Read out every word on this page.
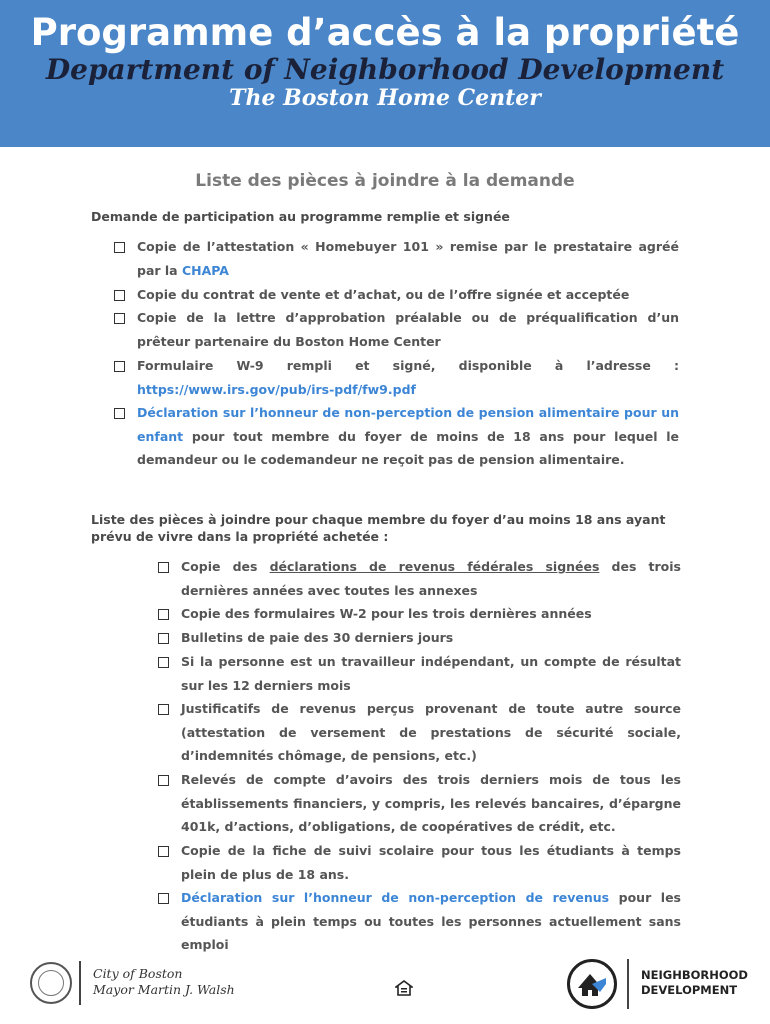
Programme d’accès à la propriété
Department of Neighborhood Development
The Boston Home Center
Liste des pièces à joindre à la demande
Demande de participation au programme remplie et signée
Copie de l’attestation « Homebuyer 101 » remise par le prestataire agréé par la CHAPA
Copie du contrat de vente et d’achat, ou de l’offre signée et acceptée
Copie de la lettre d’approbation préalable ou de préqualification d’un prêteur partenaire du Boston Home Center
Formulaire W-9 rempli et signé, disponible à l’adresse :
https://www.irs.gov/pub/irs-pdf/fw9.pdf
Déclaration sur l’honneur de non-perception de pension alimentaire pour un enfant pour tout membre du foyer de moins de 18 ans pour lequel le demandeur ou le codemandeur ne reçoit pas de pension alimentaire.
Liste des pièces à joindre pour chaque membre du foyer d’au moins 18 ans ayant prévu de vivre dans la propriété achetée :
Copie des déclarations de revenus fédérales signées des trois dernières années avec toutes les annexes
Copie des formulaires W-2 pour les trois dernières années
Bulletins de paie des 30 derniers jours
Si la personne est un travailleur indépendant, un compte de résultat sur les 12 derniers mois
Justificatifs de revenus perçus provenant de toute autre source (attestation de versement de prestations de sécurité sociale, d’indemnités chômage, de pensions, etc.)
Relevés de compte d’avoirs des trois derniers mois de tous les établissements financiers, y compris, les relevés bancaires, d’épargne 401k, d’actions, d’obligations, de coopératives de crédit, etc.
Copie de la fiche de suivi scolaire pour tous les étudiants à temps plein de plus de 18 ans.
Déclaration sur l’honneur de non-perception de revenus pour les étudiants à plein temps ou toutes les personnes actuellement sans emploi
City of Boston
Mayor Martin J. Walsh
NEIGHBORHOOD
DEVELOPMENT
